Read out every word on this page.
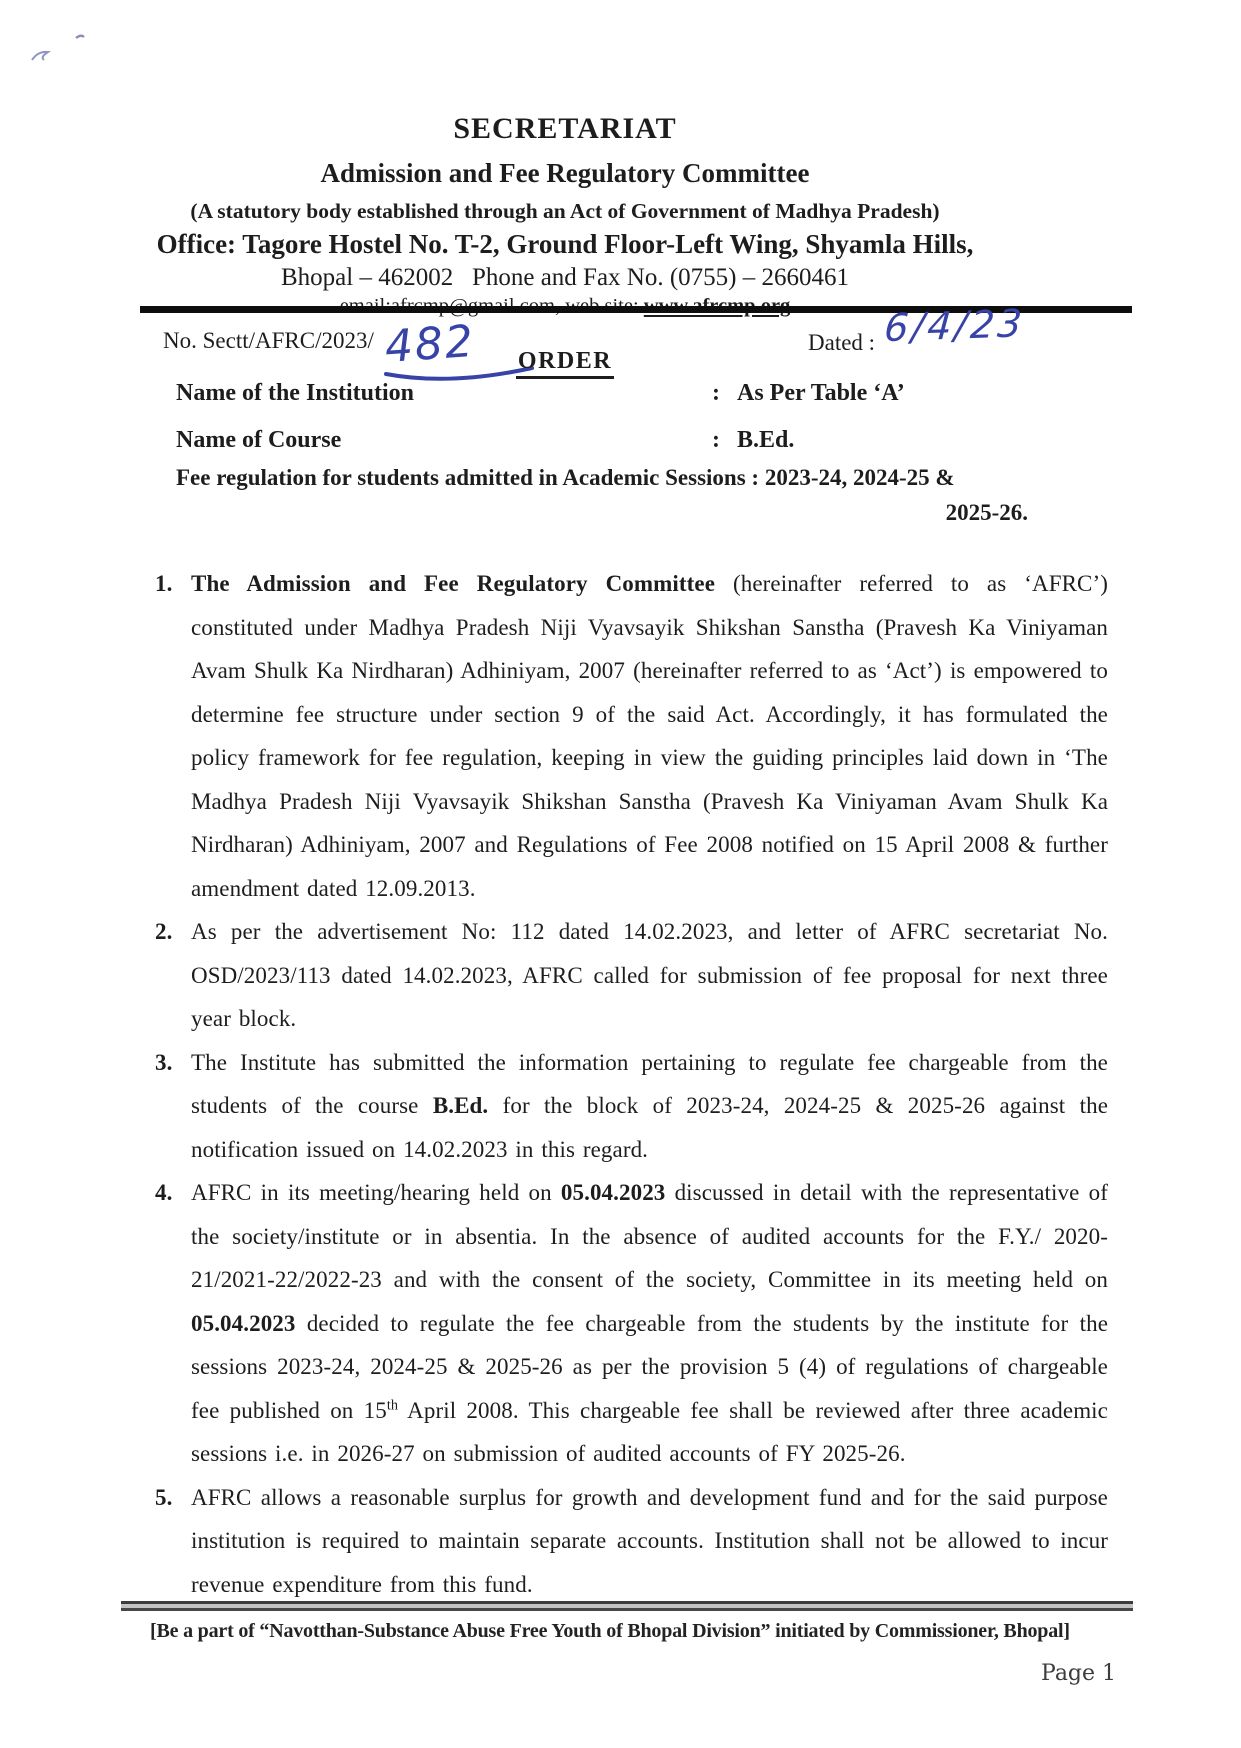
SECRETARIAT
Admission and Fee Regulatory Committee
(A statutory body established through an Act of Government of Madhya Pradesh)
Office: Tagore Hostel No. T-2, Ground Floor-Left Wing, Shyamla Hills,
Bhopal – 462002   Phone and Fax No. (0755) – 2660461
No. Sectt/AFRC/2023/ 482	Dated : 6/4/23
ORDER
Name of the Institution	: As Per Table ‘A’
Name of Course	: B.Ed.
Fee regulation for students admitted in Academic Sessions : 2023-24, 2024-25 &
2025-26.
1. The Admission and Fee Regulatory Committee (hereinafter referred to as ‘AFRC’) constituted under Madhya Pradesh Niji Vyavsayik Shikshan Sanstha (Pravesh Ka Viniyaman Avam Shulk Ka Nirdharan) Adhiniyam, 2007 (hereinafter referred to as ‘Act’) is empowered to determine fee structure under section 9 of the said Act. Accordingly, it has formulated the policy framework for fee regulation, keeping in view the guiding principles laid down in ‘The Madhya Pradesh Niji Vyavsayik Shikshan Sanstha (Pravesh Ka Viniyaman Avam Shulk Ka Nirdharan) Adhiniyam, 2007 and Regulations of Fee 2008 notified on 15 April 2008 & further amendment dated 12.09.2013.
2. As per the advertisement No: 112 dated 14.02.2023, and letter of AFRC secretariat No. OSD/2023/113 dated 14.02.2023, AFRC called for submission of fee proposal for next three year block.
3. The Institute has submitted the information pertaining to regulate fee chargeable from the students of the course B.Ed. for the block of 2023-24, 2024-25 & 2025-26 against the notification issued on 14.02.2023 in this regard.
4. AFRC in its meeting/hearing held on 05.04.2023 discussed in detail with the representative of the society/institute or in absentia. In the absence of audited accounts for the F.Y./ 2020-21/2021-22/2022-23 and with the consent of the society, Committee in its meeting held on 05.04.2023 decided to regulate the fee chargeable from the students by the institute for the sessions 2023-24, 2024-25 & 2025-26 as per the provision 5 (4) of regulations of chargeable fee published on 15th April 2008. This chargeable fee shall be reviewed after three academic sessions i.e. in 2026-27 on submission of audited accounts of FY 2025-26.
5. AFRC allows a reasonable surplus for growth and development fund and for the said purpose institution is required to maintain separate accounts. Institution shall not be allowed to incur revenue expenditure from this fund.
[Be a part of “Navotthan-Substance Abuse Free Youth of Bhopal Division” initiated by Commissioner, Bhopal]
Page 1
